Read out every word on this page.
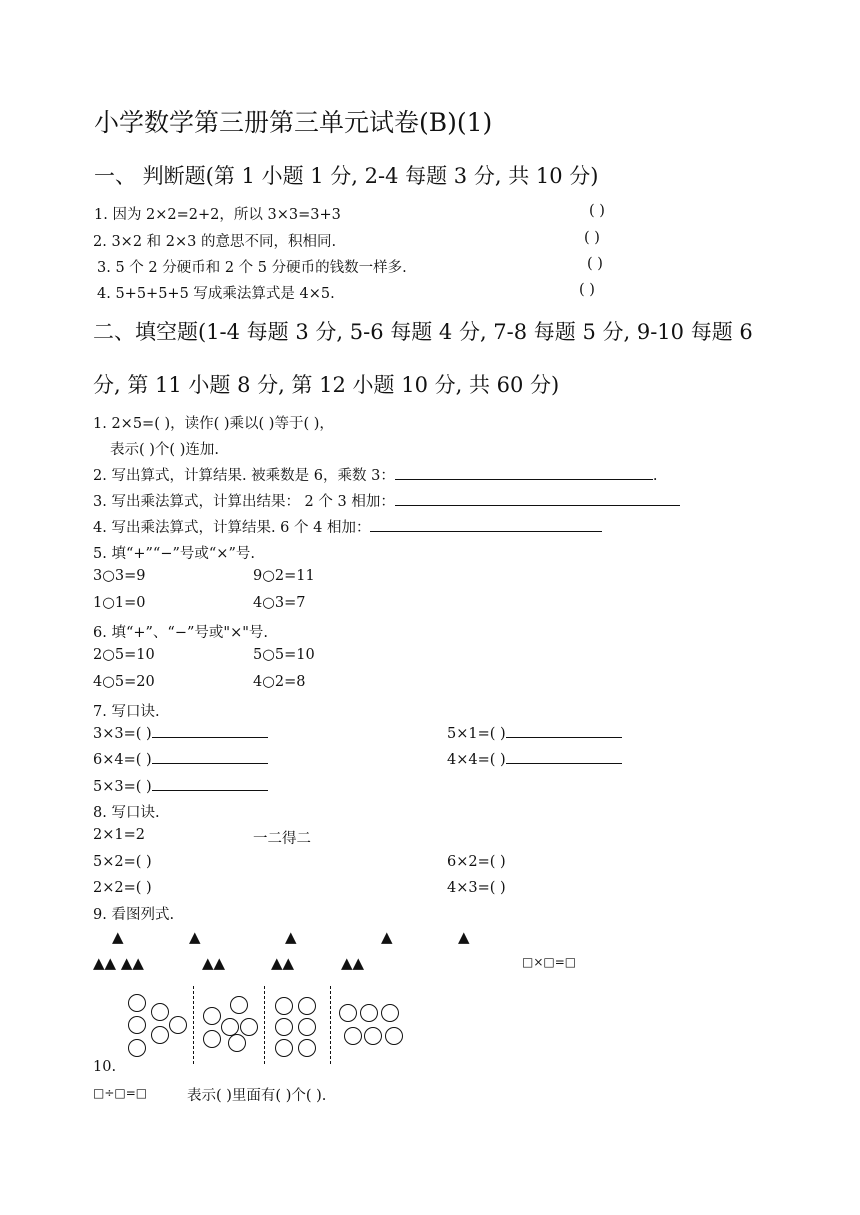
小学数学第三册第三单元试卷(B)(1)
一、 判断题(第 1 小题 1 分, 2-4 每题 3 分, 共 10 分)
1. 因为 2×2=2+2，所以 3×3=3+3	( )
2. 3×2 和 2×3 的意思不同，积相同.	( )
3. 5 个 2 分硬币和 2 个 5 分硬币的钱数一样多.	( )
4. 5+5+5+5 写成乘法算式是 4×5.	( )
二、填空题(1-4 每题 3 分, 5-6 每题 4 分, 7-8 每题 5 分, 9-10 每题 6
分, 第 11 小题 8 分, 第 12 小题 10 分, 共 60 分)
1. 2×5=( )，读作( )乘以( )等于( )，
表示( )个( )连加.
2. 写出算式，计算结果. 被乘数是 6，乘数 3：	.
3. 写出乘法算式，计算出结果： 2 个 3 相加：
4. 写出乘法算式，计算结果. 6 个 4 相加：
5. 填“+”“−”号或“×”号.
3○3=9	9○2=11
1○1=0	4○3=7
6. 填“+”、“−”号或"×"号.
2○5=10	5○5=10
4○5=20	4○2=8
7. 写口诀.
3×3=( )	5×1=( )
6×4=( )	4×4=( )
5×3=( )
8. 写口诀.
2×1=2	一二得二
5×2=( )	6×2=( )
2×2=( )	4×3=( )
9. 看图列式.
▲	▲	▲	▲	▲
▲▲ ▲▲	▲▲	▲▲	▲▲	□×□=□
10.
□÷□=□	表示( )里面有( )个( ).
